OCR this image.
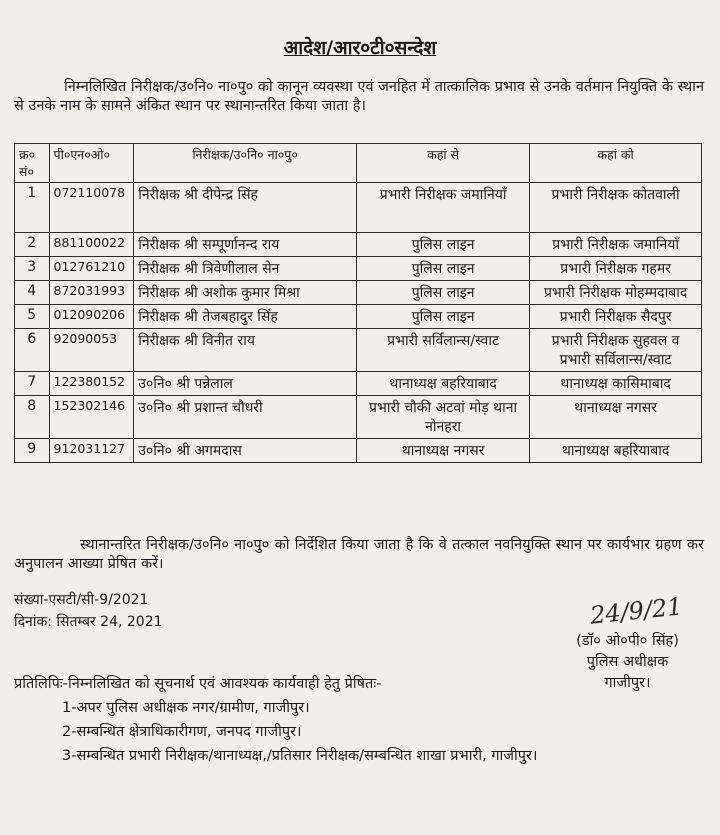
आदेश/आर०टी०सन्देश
निम्नलिखित निरीक्षक/उ०नि० ना०पु० को कानून व्यवस्था एवं जनहित में तात्कालिक प्रभाव से उनके वर्तमान नियुक्ति के स्थान से उनके नाम के सामने अंकित स्थान पर स्थानान्तरित किया जाता है।
क्र० सं०	पी०एन०ओ०	निरीक्षक/उ०नि० ना०पु०	कहां से	कहां को
1	072110078	निरीक्षक श्री दीपेन्द्र सिंह	प्रभारी निरीक्षक जमानियाँ	प्रभारी निरीक्षक कोतवाली
2	881100022	निरीक्षक श्री सम्पूर्णानन्द राय	पुलिस लाइन	प्रभारी निरीक्षक जमानियाँ
3	012761210	निरीक्षक श्री त्रिवेणीलाल सेन	पुलिस लाइन	प्रभारी निरीक्षक गहमर
4	872031993	निरीक्षक श्री अशोक कुमार मिश्रा	पुलिस लाइन	प्रभारी निरीक्षक मोहम्मदाबाद
5	012090206	निरीक्षक श्री तेजबहादुर सिंह	पुलिस लाइन	प्रभारी निरीक्षक सैदपुर
6	92090053	निरीक्षक श्री विनीत राय	प्रभारी सर्विलान्स/स्वाट	प्रभारी निरीक्षक सुहवल व प्रभारी सर्विलान्स/स्वाट
7	122380152	उ०नि० श्री पन्नेलाल	थानाध्यक्ष बहरियाबाद	थानाध्यक्ष कासिमाबाद
8	152302146	उ०नि० श्री प्रशान्त चौधरी	प्रभारी चौकी अटवां मोड़ थाना नोनहरा	थानाध्यक्ष नगसर
9	912031127	उ०नि० श्री अगमदास	थानाध्यक्ष नगसर	थानाध्यक्ष बहरियाबाद
स्थानान्तरित निरीक्षक/उ०नि० ना०पु० को निर्देशित किया जाता है कि वे तत्काल नवनियुक्ति स्थान पर कार्यभार ग्रहण कर अनुपालन आख्या प्रेषित करें।
संख्या-एसटी/सी-9/2021
दिनांक: सितम्बर 24, 2021	24/9/21
(डॉ० ओ०पी० सिंह)
पुलिस अधीक्षक
गाजीपुर।
प्रतिलिपिः-निम्नलिखित को सूचनार्थ एवं आवश्यक कार्यवाही हेतु प्रेषितः-
1-अपर पुलिस अधीक्षक नगर/ग्रामीण, गाजीपुर।
2-सम्बन्धित क्षेत्राधिकारीगण, जनपद गाजीपुर।
3-सम्बन्धित प्रभारी निरीक्षक/थानाध्यक्ष,/प्रतिसार निरीक्षक/सम्बन्धित शाखा प्रभारी, गाजीपुर।
